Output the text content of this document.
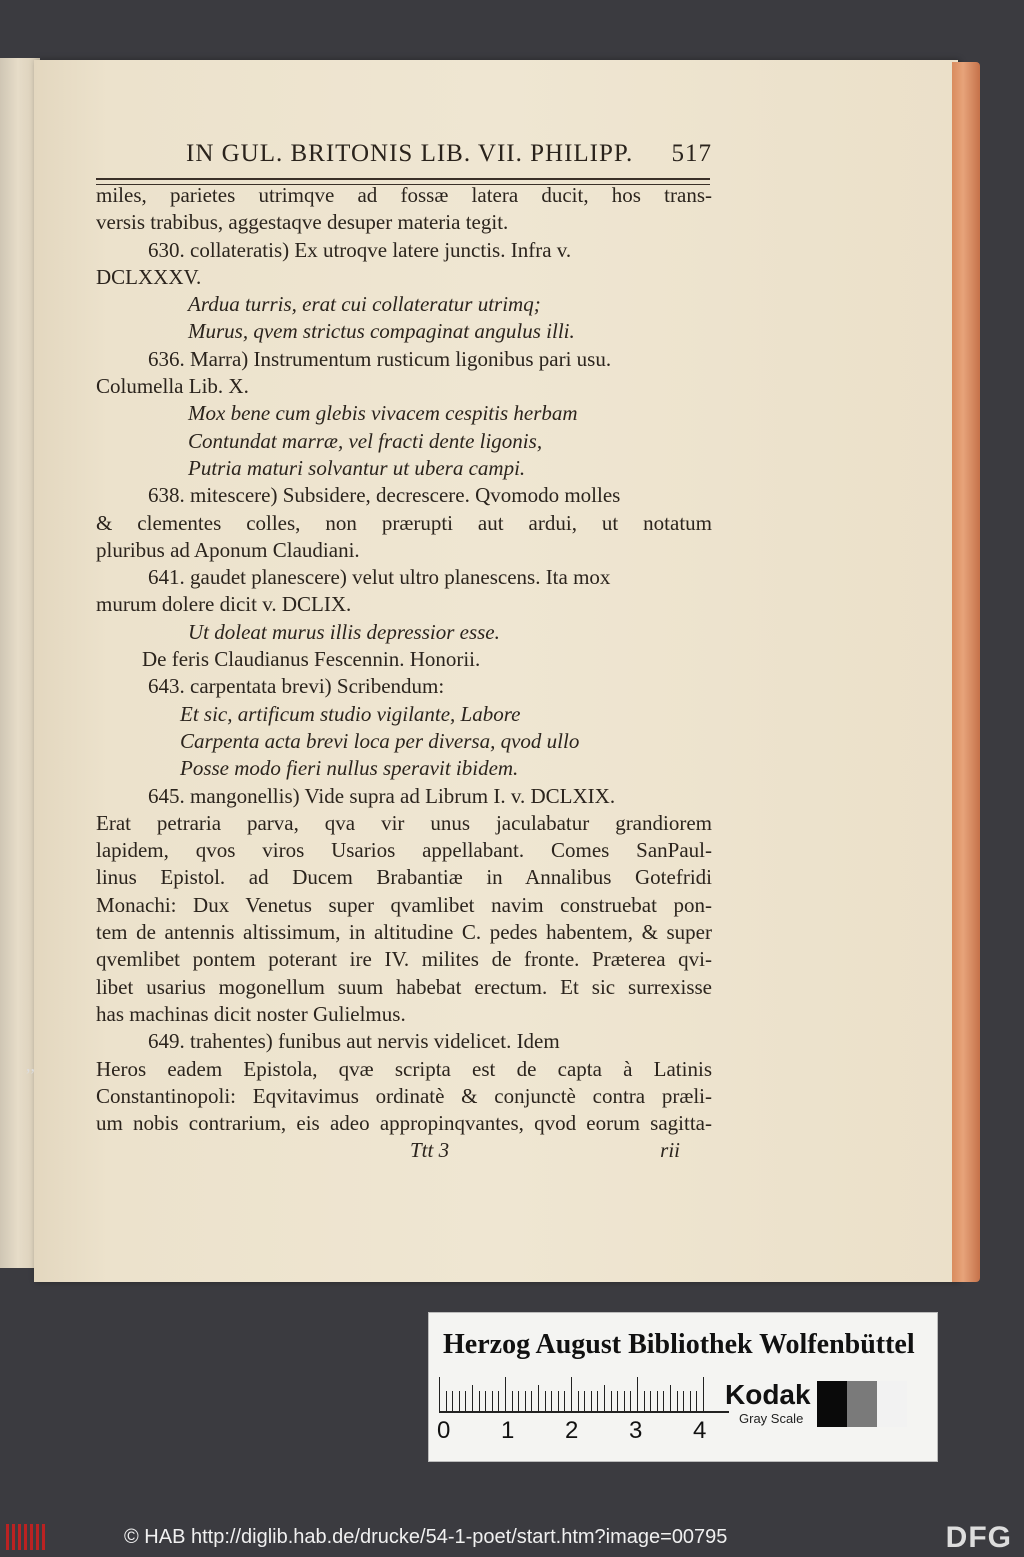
IN GUL. BRITONIS LIB. VII. PHILIPP. 517
miles, parietes utrimqve ad fossæ latera ducit, hos trans-
versis trabibus, aggestaqve desuper materia tegit.
630. collateratis) Ex utroqve latere junctis. Infra v.
DCLXXXV.
Ardua turris, erat cui collateratur utrimq;
Murus, qvem strictus compaginat angulus illi.
636. Marra) Instrumentum rusticum ligonibus pari usu.
Columella Lib. X.
Mox bene cum glebis vivacem cespitis herbam
Contundat marræ, vel fracti dente ligonis,
Putria maturi solvantur ut ubera campi.
638. mitescere) Subsidere, decrescere. Qvomodo molles
& clementes colles, non prærupti aut ardui, ut notatum
pluribus ad Aponum Claudiani.
641. gaudet planescere) velut ultro planescens. Ita mox
murum dolere dicit v. DCLIX.
Ut doleat murus illis depressior esse.
De feris Claudianus Fescennin. Honorii.
643. carpentata brevi) Scribendum:
Et sic, artificum studio vigilante, Labore
Carpenta acta brevi loca per diversa, qvod ullo
Posse modo fieri nullus speravit ibidem.
645. mangonellis) Vide supra ad Librum I. v. DCLXIX.
Erat petraria parva, qva vir unus jaculabatur grandiorem
lapidem, qvos viros Usarios appellabant. Comes SanPaul-
linus Epistol. ad Ducem Brabantiæ in Annalibus Gotefridi
Monachi: Dux Venetus super qvamlibet navim construebat pon-
tem de antennis altissimum, in altitudine C. pedes habentem, & super
qvemlibet pontem poterant ire IV. milites de fronte. Præterea qvi-
libet usarius mogonellum suum habebat erectum. Et sic surrexisse
has machinas dicit noster Gulielmus.
649. trahentes) funibus aut nervis videlicet. Idem
Heros eadem Epistola, qvæ scripta est de capta à Latinis
Constantinopoli: Eqvitavimus ordinatè & conjunctè contra præli-
um nobis contrarium, eis adeo appropinqvantes, qvod eorum sagitta-
,,
Ttt 3	rii
Herzog August Bibliothek Wolfenbüttel
0 1 2 3 4
Kodak
Gray Scale
© HAB http://diglib.hab.de/drucke/54-1-poet/start.htm?image=00795	DFG
